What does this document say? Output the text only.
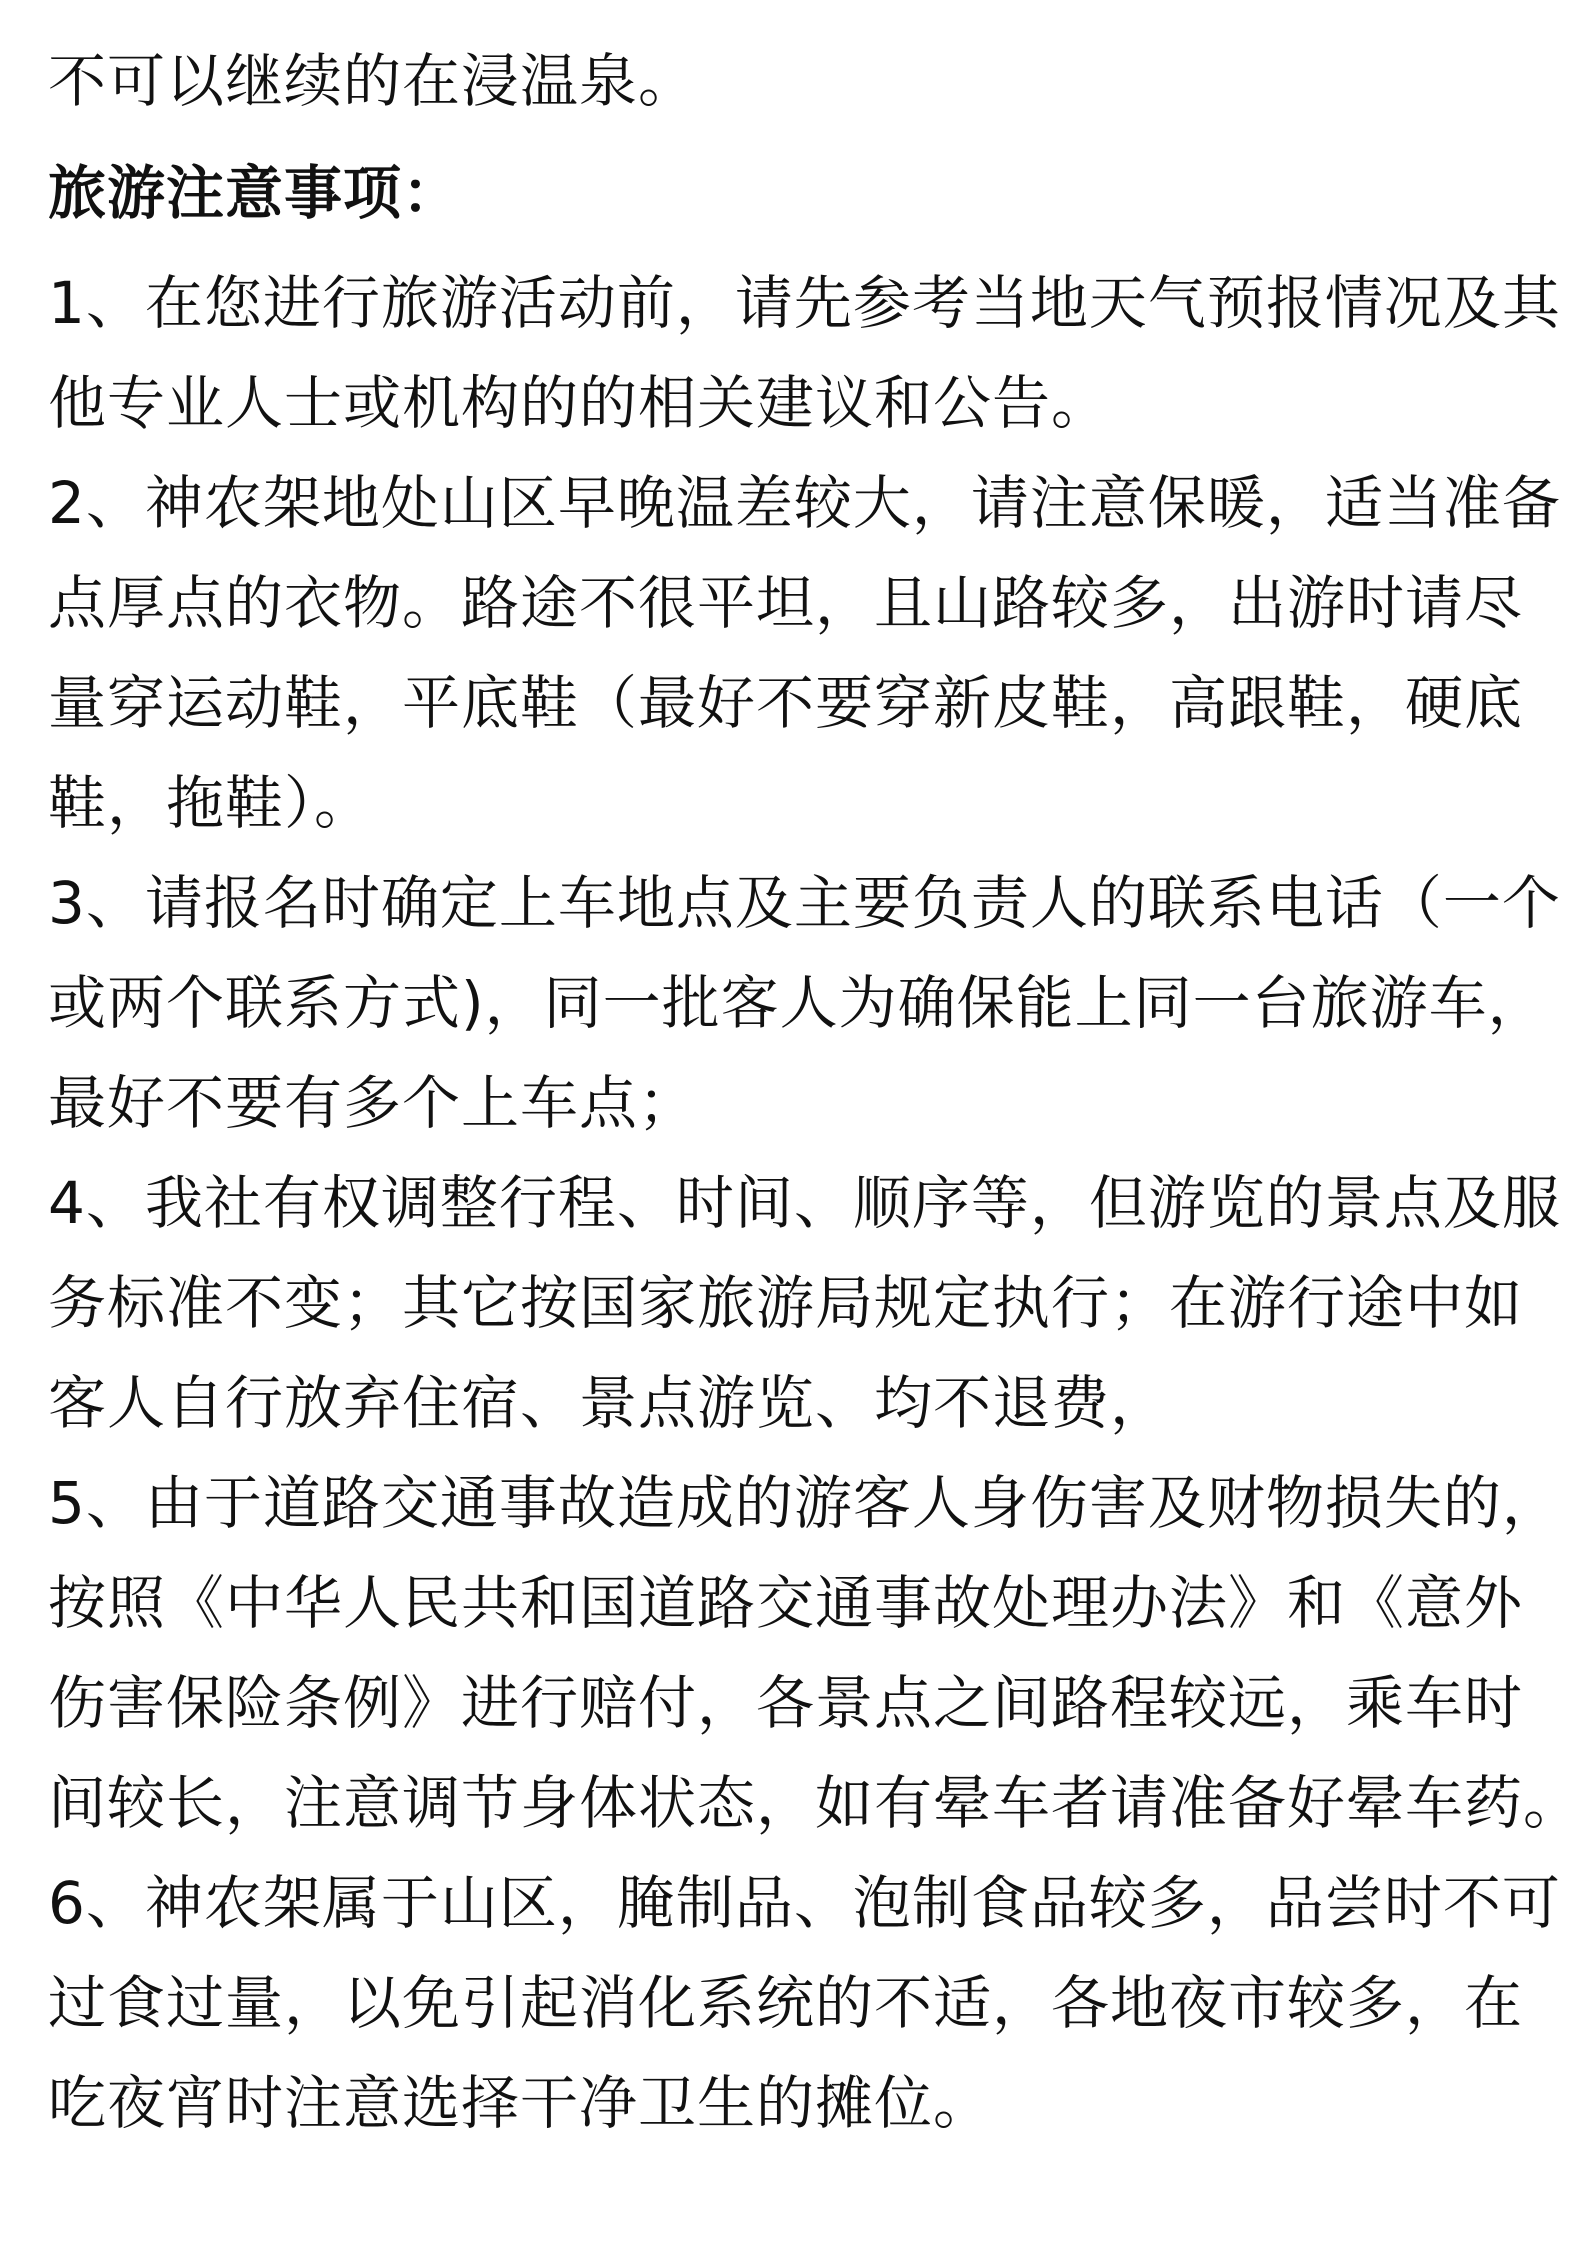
不可以继续的在浸温泉。
旅游注意事项：
1、在您进行旅游活动前，请先参考当地天气预报情况及其
他专业人士或机构的的相关建议和公告。
2、神农架地处山区早晚温差较大，请注意保暖，适当准备
点厚点的衣物。路途不很平坦，且山路较多，出游时请尽
量穿运动鞋，平底鞋（最好不要穿新皮鞋，高跟鞋，硬底
鞋，拖鞋）。
3、请报名时确定上车地点及主要负责人的联系电话（一个
或两个联系方式)，同一批客人为确保能上同一台旅游车，
最好不要有多个上车点；
4、我社有权调整行程、时间、顺序等，但游览的景点及服
务标准不变；其它按国家旅游局规定执行；在游行途中如
客人自行放弃住宿、景点游览、均不退费，
5、由于道路交通事故造成的游客人身伤害及财物损失的，
按照《中华人民共和国道路交通事故处理办法》和《意外
伤害保险条例》进行赔付，各景点之间路程较远，乘车时
间较长，注意调节身体状态，如有晕车者请准备好晕车药。
6、神农架属于山区，腌制品、泡制食品较多，品尝时不可
过食过量，以免引起消化系统的不适，各地夜市较多，在
吃夜宵时注意选择干净卫生的摊位。
